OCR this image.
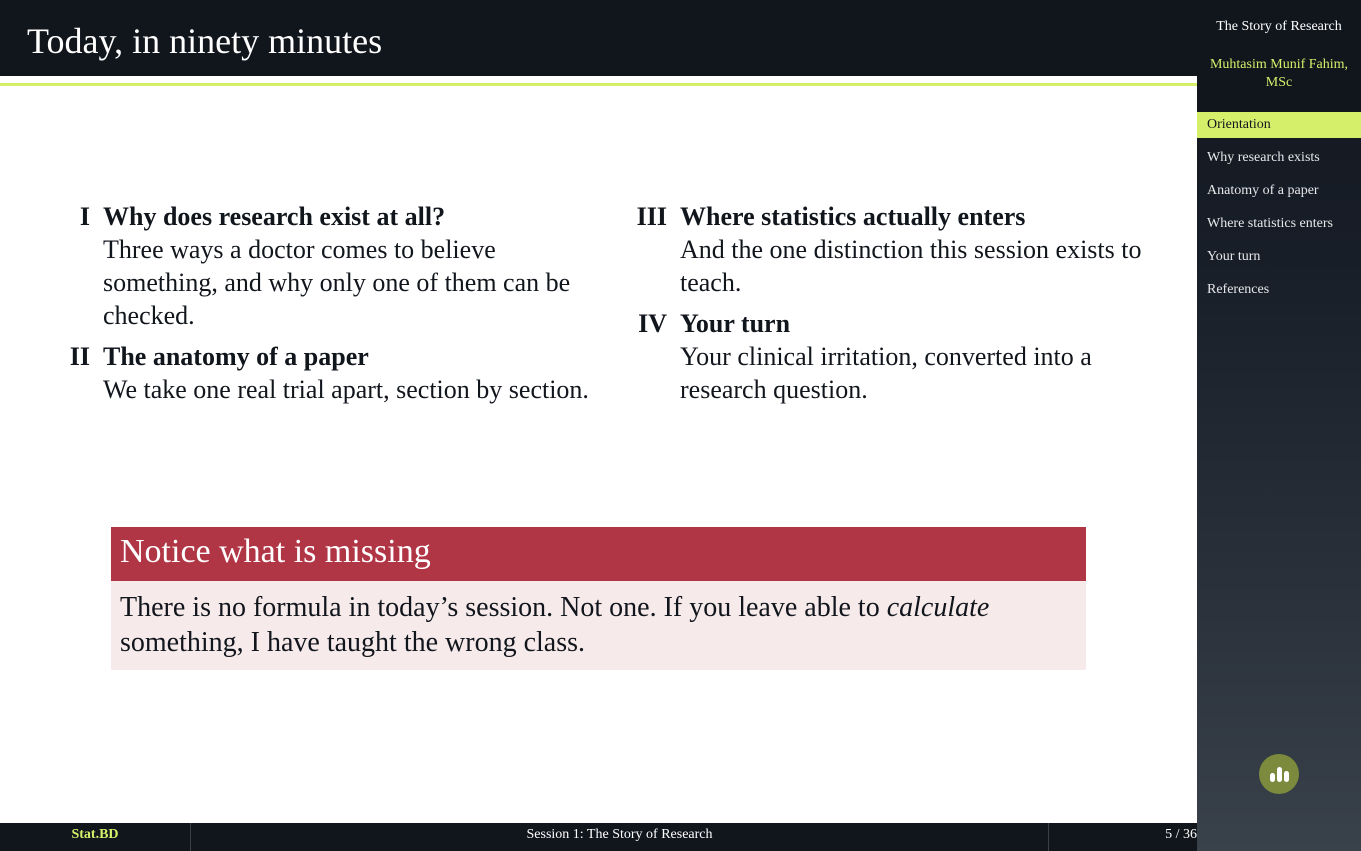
Today, in ninety minutes
I Why does research exist at all?
Three ways a doctor comes to believe something, and why only one of them can be checked.
II The anatomy of a paper
We take one real trial apart, section by section.
III Where statistics actually enters
And the one distinction this session exists to teach.
IV Your turn
Your clinical irritation, converted into a research question.
Notice what is missing
There is no formula in today’s session. Not one. If you leave able to calculate something, I have taught the wrong class.
The Story of Research
Muhtasim Munif Fahim, MSc
Orientation
Why research exists
Anatomy of a paper
Where statistics enters
Your turn
References
Stat.BD	Session 1: The Story of Research	5 / 36
